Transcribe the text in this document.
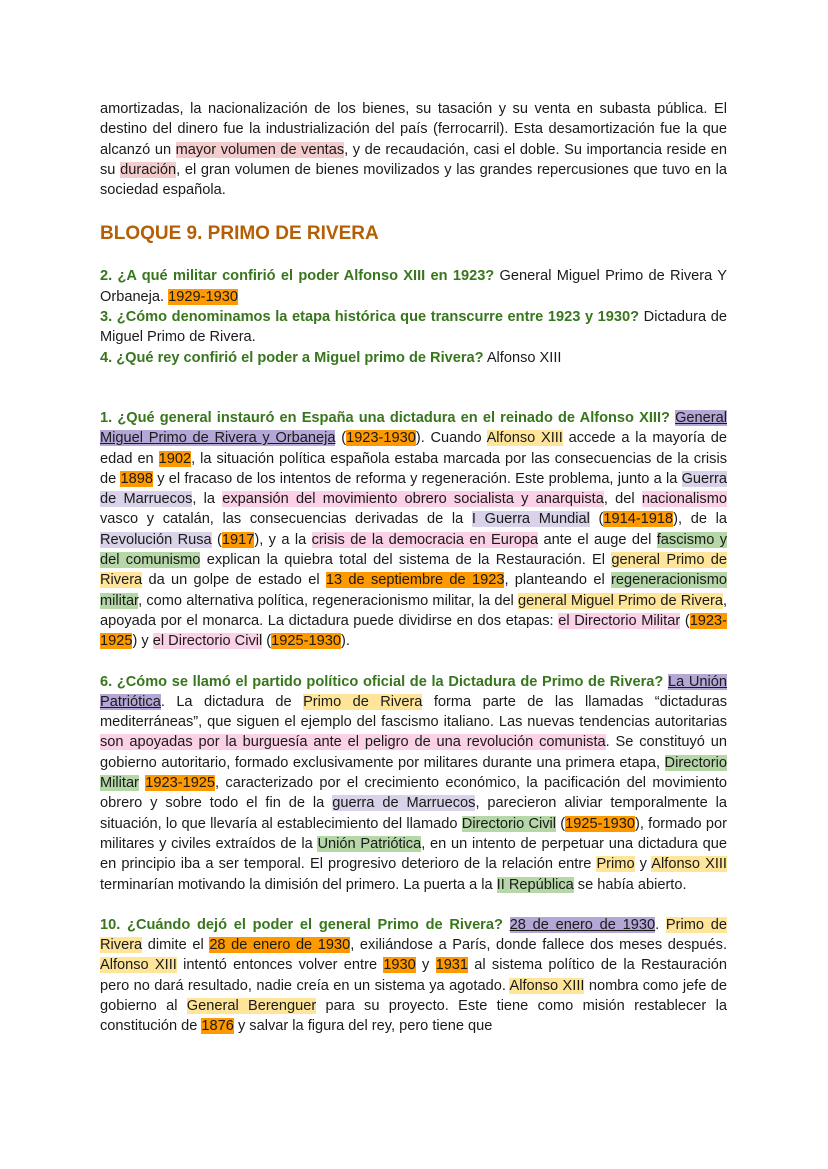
amortizadas, la nacionalización de los bienes, su tasación y su venta en subasta pública. El destino del dinero fue la industrialización del país (ferrocarril). Esta desamortización fue la que alcanzó un mayor volumen de ventas, y de recaudación, casi el doble. Su importancia reside en su duración, el gran volumen de bienes movilizados y las grandes repercusiones que tuvo en la sociedad española.

BLOQUE 9. PRIMO DE RIVERA

2. ¿A qué militar confirió el poder Alfonso XIII en 1923? General Miguel Primo de Rivera Y Orbaneja. 1929-1930

3. ¿Cómo denominamos la etapa histórica que transcurre entre 1923 y 1930? Dictadura de Miguel Primo de Rivera.

4. ¿Qué rey confirió el poder a Miguel primo de Rivera? Alfonso XIII

1. ¿Qué general instauró en España una dictadura en el reinado de Alfonso XIII? General Miguel Primo de Rivera y Orbaneja (1923-1930). Cuando Alfonso XIII accede a la mayoría de edad en 1902, la situación política española estaba marcada por las consecuencias de la crisis de 1898 y el fracaso de los intentos de reforma y regeneración. Este problema, junto a la Guerra de Marruecos, la expansión del movimiento obrero socialista y anarquista, del nacionalismo vasco y catalán, las consecuencias derivadas de la I Guerra Mundial (1914-1918), de la Revolución Rusa (1917), y a la crisis de la democracia en Europa ante el auge del fascismo y del comunismo explican la quiebra total del sistema de la Restauración. El general Primo de Rivera da un golpe de estado el 13 de septiembre de 1923, planteando el regeneracionismo militar, como alternativa política, regeneracionismo militar, la del general Miguel Primo de Rivera, apoyada por el monarca. La dictadura puede dividirse en dos etapas: el Directorio Militar (1923-1925) y el Directorio Civil (1925-1930).

6. ¿Cómo se llamó el partido político oficial de la Dictadura de Primo de Rivera? La Unión Patriótica. La dictadura de Primo de Rivera forma parte de las llamadas “dictaduras mediterráneas”, que siguen el ejemplo del fascismo italiano. Las nuevas tendencias autoritarias son apoyadas por la burguesía ante el peligro de una revolución comunista. Se constituyó un gobierno autoritario, formado exclusivamente por militares durante una primera etapa, Directorio Militar 1923-1925, caracterizado por el crecimiento económico, la pacificación del movimiento obrero y sobre todo el fin de la guerra de Marruecos, parecieron aliviar temporalmente la situación, lo que llevaría al establecimiento del llamado Directorio Civil (1925-1930), formado por militares y civiles extraídos de la Unión Patriótica, en un intento de perpetuar una dictadura que en principio iba a ser temporal. El progresivo deterioro de la relación entre Primo y Alfonso XIII terminarían motivando la dimisión del primero. La puerta a la II República se había abierto.

10. ¿Cuándo dejó el poder el general Primo de Rivera? 28 de enero de 1930. Primo de Rivera dimite el 28 de enero de 1930, exiliándose a París, donde fallece dos meses después. Alfonso XIII intentó entonces volver entre 1930 y 1931 al sistema político de la Restauración pero no dará resultado, nadie creía en un sistema ya agotado. Alfonso XIII nombra como jefe de gobierno al General Berenguer para su proyecto. Este tiene como misión restablecer la constitución de 1876 y salvar la figura del rey, pero tiene que
